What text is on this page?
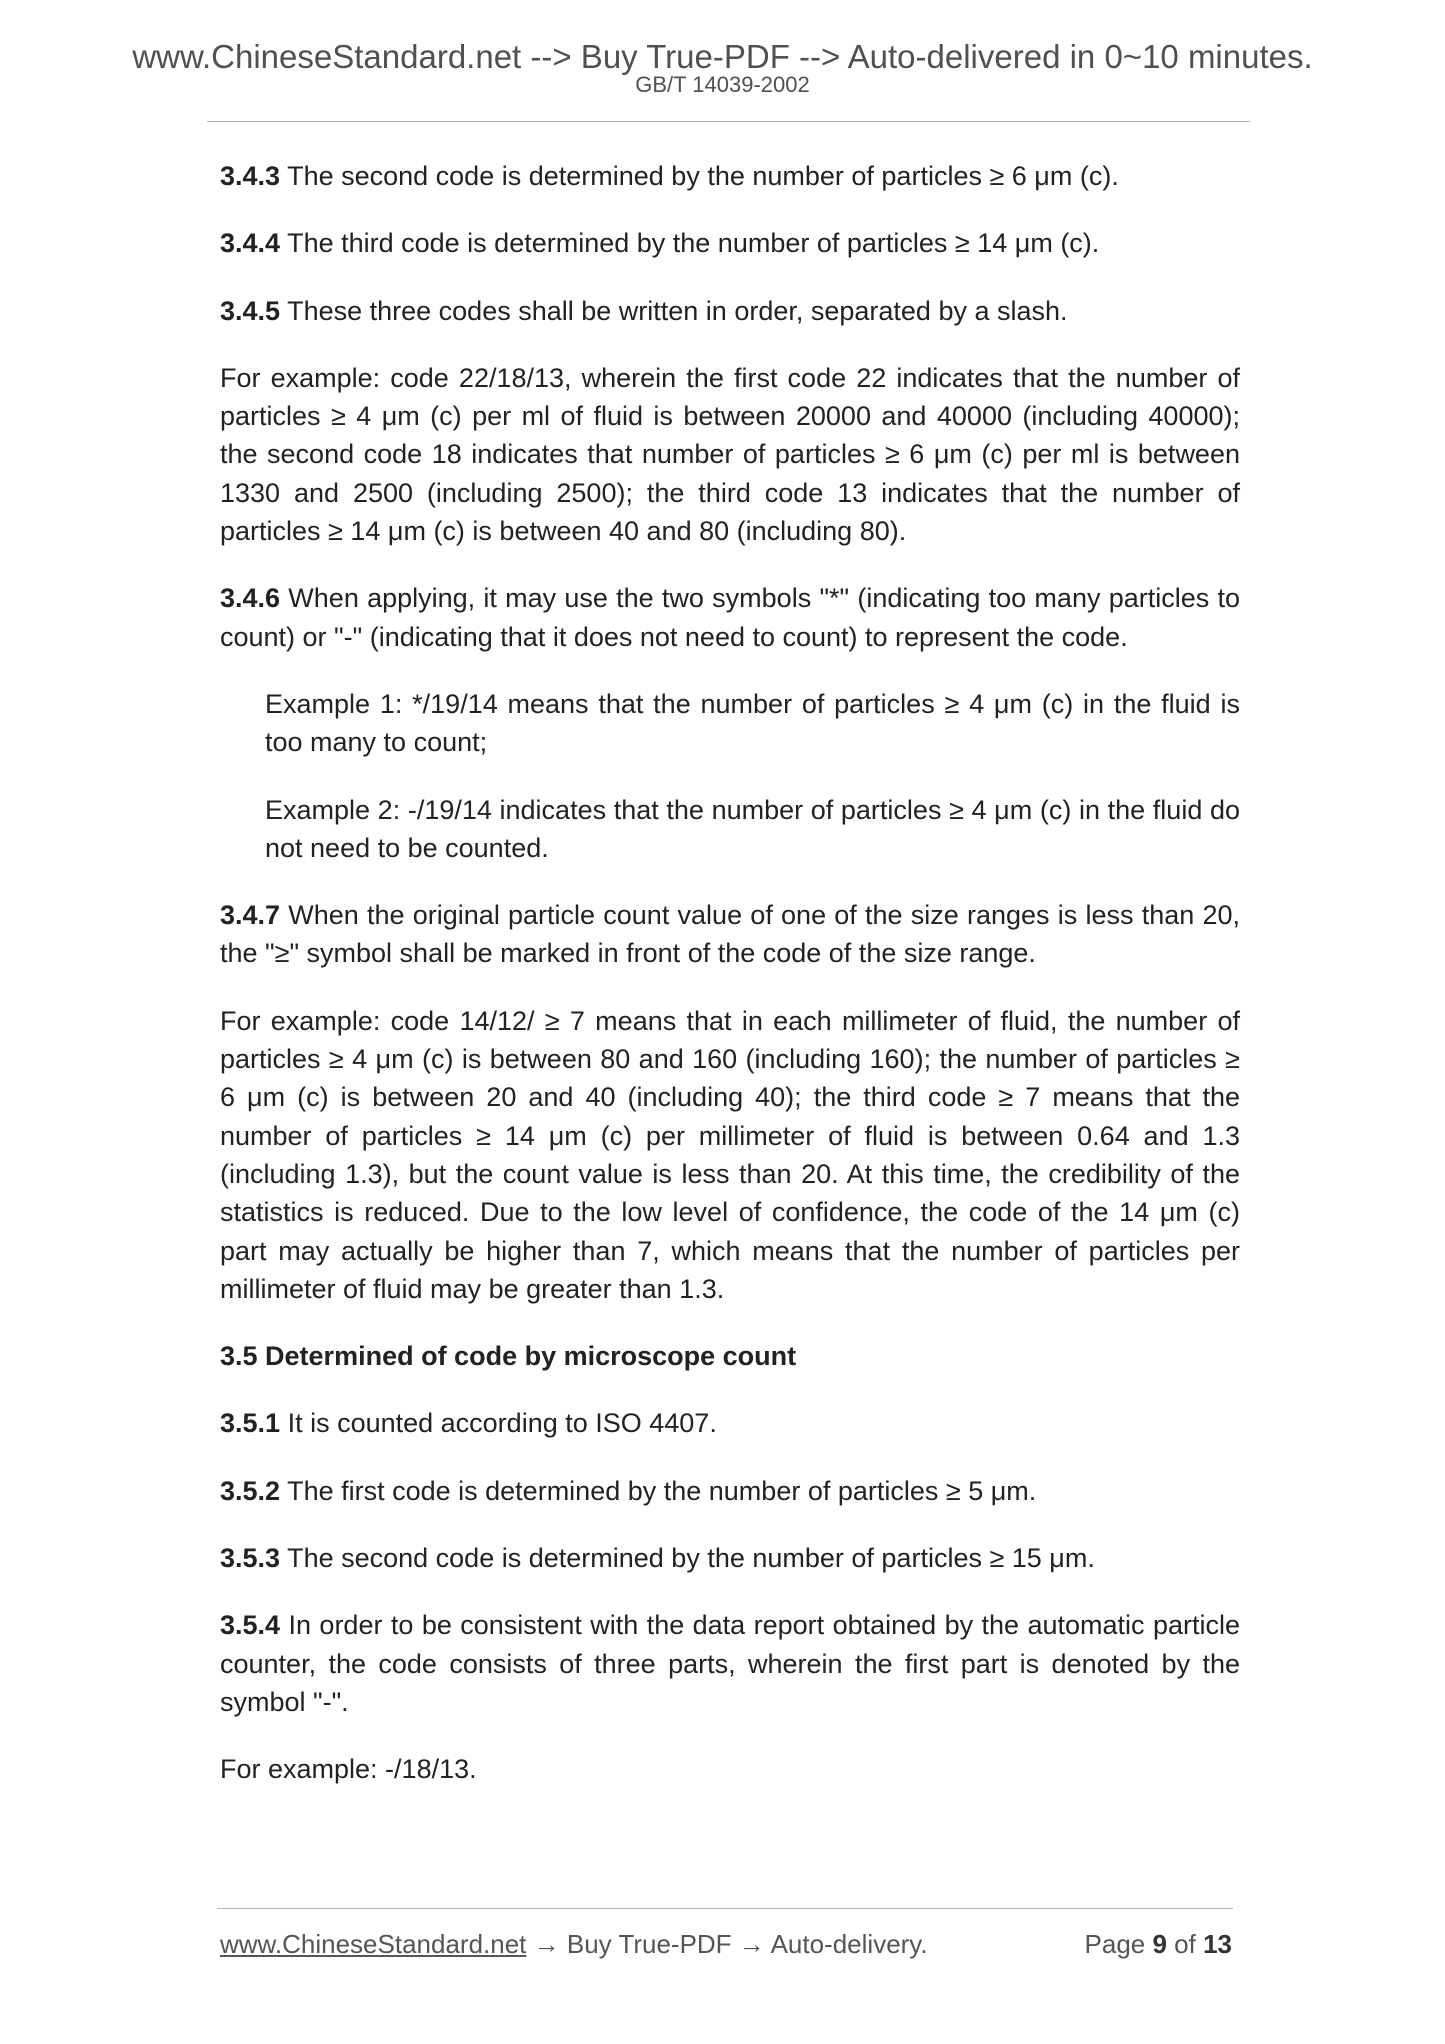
www.ChineseStandard.net --> Buy True-PDF --> Auto-delivered in 0~10 minutes.
GB/T 14039-2002

3.4.3 The second code is determined by the number of particles ≥ 6 μm (c).

3.4.4 The third code is determined by the number of particles ≥ 14 μm (c).

3.4.5 These three codes shall be written in order, separated by a slash.

For example: code 22/18/13, wherein the first code 22 indicates that the number of particles ≥ 4 μm (c) per ml of fluid is between 20000 and 40000 (including 40000); the second code 18 indicates that number of particles ≥ 6 μm (c) per ml is between 1330 and 2500 (including 2500); the third code 13 indicates that the number of particles ≥ 14 μm (c) is between 40 and 80 (including 80).

3.4.6 When applying, it may use the two symbols "*" (indicating too many particles to count) or "-" (indicating that it does not need to count) to represent the code.

Example 1: */19/14 means that the number of particles ≥ 4 μm (c) in the fluid is too many to count;

Example 2: -/19/14 indicates that the number of particles ≥ 4 μm (c) in the fluid do not need to be counted.

3.4.7 When the original particle count value of one of the size ranges is less than 20, the "≥" symbol shall be marked in front of the code of the size range.

For example: code 14/12/ ≥ 7 means that in each millimeter of fluid, the number of particles ≥ 4 μm (c) is between 80 and 160 (including 160); the number of particles ≥ 6 μm (c) is between 20 and 40 (including 40); the third code ≥ 7 means that the number of particles ≥ 14 μm (c) per millimeter of fluid is between 0.64 and 1.3 (including 1.3), but the count value is less than 20. At this time, the credibility of the statistics is reduced. Due to the low level of confidence, the code of the 14 μm (c) part may actually be higher than 7, which means that the number of particles per millimeter of fluid may be greater than 1.3.

3.5 Determined of code by microscope count

3.5.1 It is counted according to ISO 4407.

3.5.2 The first code is determined by the number of particles ≥ 5 μm.

3.5.3 The second code is determined by the number of particles ≥ 15 μm.

3.5.4 In order to be consistent with the data report obtained by the automatic particle counter, the code consists of three parts, wherein the first part is denoted by the symbol "-".

For example: -/18/13.

www.ChineseStandard.net → Buy True-PDF → Auto-delivery.	Page 9 of 13
